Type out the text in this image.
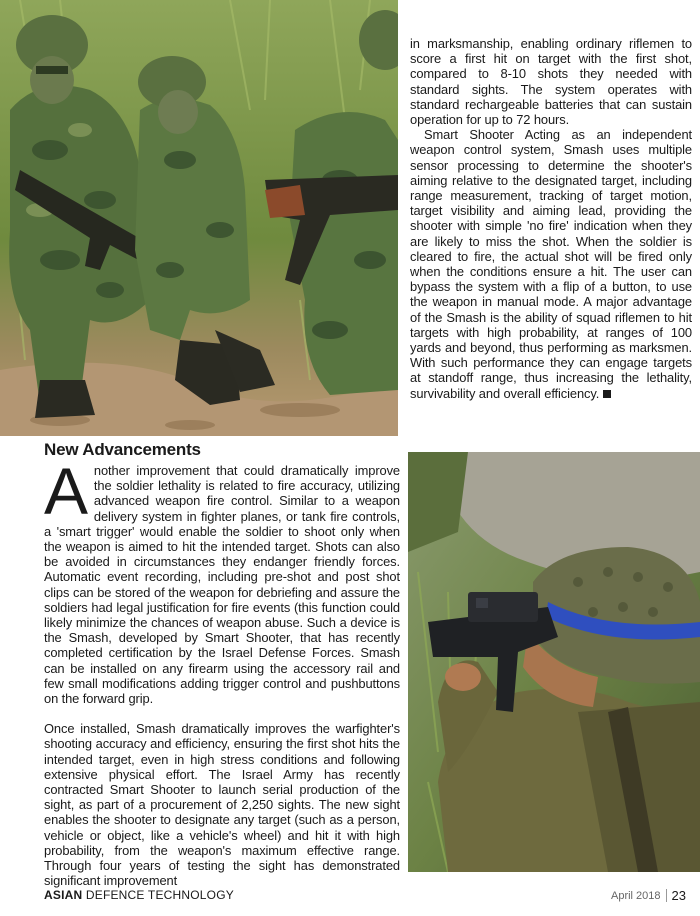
in marksmanship, enabling ordinary riflemen to score a first hit on target with the first shot, compared to 8-10 shots they needed with standard sights. The system operates with standard rechargeable batteries that can sustain operation for up to 72 hours.

Smart Shooter Acting as an independent weapon control system, Smash uses multiple sensor processing to determine the shooter's aiming relative to the designated target, including range measurement, tracking of target motion, target visibility and aiming lead, providing the shooter with simple 'no fire' indication when they are likely to miss the shot. When the soldier is cleared to fire, the actual shot will be fired only when the conditions ensure a hit. The user can bypass the system with a flip of a button, to use the weapon in manual mode. A major advantage of the Smash is the ability of squad riflemen to hit targets with high probability, at ranges of 100 yards and beyond, thus performing as marksmen. With such performance they can engage targets at standoff range, thus increasing the lethality, survivability and overall efficiency.

New Advancements

Another improvement that could dramatically improve the soldier lethality is related to fire accuracy, utilizing advanced weapon fire control. Similar to a weapon delivery system in fighter planes, or tank fire controls, a 'smart trigger' would enable the soldier to shoot only when the weapon is aimed to hit the intended target. Shots can also be avoided in circumstances they endanger friendly forces. Automatic event recording, including pre-shot and post shot clips can be stored of the weapon for debriefing and assure the soldiers had legal justification for fire events (this function could likely minimize the chances of weapon abuse. Such a device is the Smash, developed by Smart Shooter, that has recently completed certification by the Israel Defense Forces. Smash can be installed on any firearm using the accessory rail and few small modifications adding trigger control and pushbuttons on the forward grip.

Once installed, Smash dramatically improves the warfighter's shooting accuracy and efficiency, ensuring the first shot hits the intended target, even in high stress conditions and following extensive physical effort. The Israel Army has recently contracted Smart Shooter to launch serial production of the sight, as part of a procurement of 2,250 sights. The new sight enables the shooter to designate any target (such as a person, vehicle or object, like a vehicle's wheel) and hit it with high probability, from the weapon's maximum effective range. Through four years of testing the sight has demonstrated significant improvement

ASIAN DEFENCE TECHNOLOGY	April 2018 23
